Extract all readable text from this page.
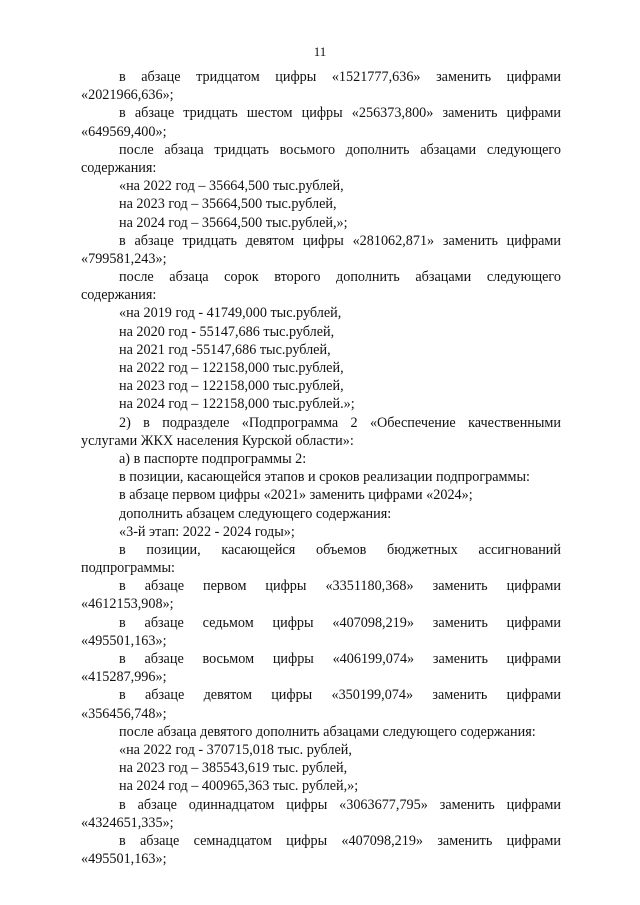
11
в абзаце тридцатом цифры «1521777,636» заменить цифрами
«2021966,636»;
в абзаце тридцать шестом цифры «256373,800» заменить цифрами
«649569,400»;
после абзаца тридцать восьмого дополнить абзацами следующего
содержания:
«на 2022 год – 35664,500 тыс.рублей,
на 2023 год – 35664,500 тыс.рублей,
на 2024 год – 35664,500 тыс.рублей,»;
в абзаце тридцать девятом цифры «281062,871» заменить цифрами
«799581,243»;
после абзаца сорок второго дополнить абзацами следующего
содержания:
«на 2019 год - 41749,000 тыс.рублей,
на 2020 год - 55147,686 тыс.рублей,
на 2021 год -55147,686 тыс.рублей,
на 2022 год – 122158,000 тыс.рублей,
на 2023 год – 122158,000 тыс.рублей,
на 2024 год – 122158,000 тыс.рублей.»;
2) в подразделе «Подпрограмма 2 «Обеспечение качественными
услугами ЖКХ населения Курской области»:
а) в паспорте подпрограммы 2:
в позиции, касающейся этапов и сроков реализации подпрограммы:
в абзаце первом цифры «2021» заменить цифрами «2024»;
дополнить абзацем следующего содержания:
«3-й этап: 2022 - 2024 годы»;
в позиции, касающейся объемов бюджетных ассигнований
подпрограммы:
в абзаце первом цифры «3351180,368» заменить цифрами
«4612153,908»;
в абзаце седьмом цифры «407098,219» заменить цифрами
«495501,163»;
в абзаце восьмом цифры «406199,074» заменить цифрами
«415287,996»;
в абзаце девятом цифры «350199,074» заменить цифрами
«356456,748»;
после абзаца девятого дополнить абзацами следующего содержания:
«на 2022 год - 370715,018 тыс. рублей,
на 2023 год – 385543,619 тыс. рублей,
на 2024 год – 400965,363 тыс. рублей,»;
в абзаце одиннадцатом цифры «3063677,795» заменить цифрами
«4324651,335»;
в абзаце семнадцатом цифры «407098,219» заменить цифрами
«495501,163»;
